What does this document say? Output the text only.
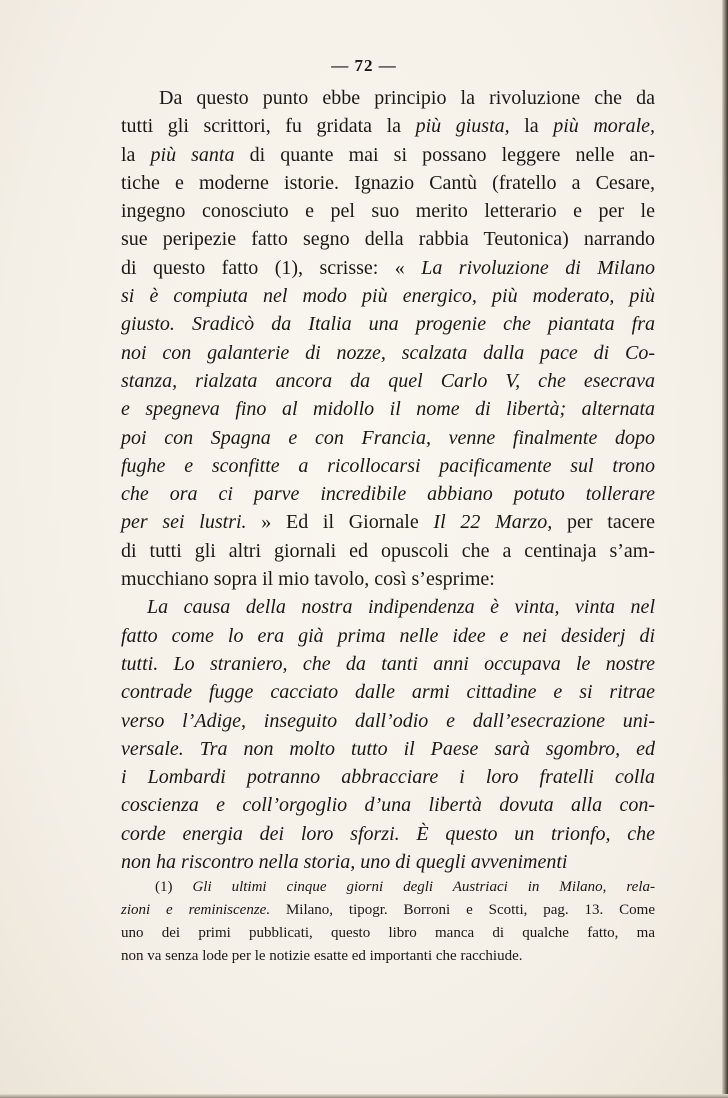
— 72 —
Da questo punto ebbe principio la rivoluzione che da
tutti gli scrittori, fu gridata la più giusta, la più morale,
la più santa di quante mai si possano leggere nelle an-
tiche e moderne istorie. Ignazio Cantù (fratello a Cesare,
ingegno conosciuto e pel suo merito letterario e per le
sue peripezie fatto segno della rabbia Teutonica) narrando
di questo fatto (1), scrisse: « La rivoluzione di Milano
si è compiuta nel modo più energico, più moderato, più
giusto. Sradicò da Italia una progenie che piantata fra
noi con galanterie di nozze, scalzata dalla pace di Co-
stanza, rialzata ancora da quel Carlo V, che esecrava
e spegneva fino al midollo il nome di libertà; alternata
poi con Spagna e con Francia, venne finalmente dopo
fughe e sconfitte a ricollocarsi pacificamente sul trono
che ora ci parve incredibile abbiano potuto tollerare
per sei lustri. » Ed il Giornale Il 22 Marzo, per tacere
di tutti gli altri giornali ed opuscoli che a centinaja s’am-
mucchiano sopra il mio tavolo, così s’esprime:
La causa della nostra indipendenza è vinta, vinta nel
fatto come lo era già prima nelle idee e nei desiderj di
tutti. Lo straniero, che da tanti anni occupava le nostre
contrade fugge cacciato dalle armi cittadine e si ritrae
verso l’Adige, inseguito dall’odio e dall’esecrazione uni-
versale. Tra non molto tutto il Paese sarà sgombro, ed
i Lombardi potranno abbracciare i loro fratelli colla
coscienza e coll’orgoglio d’una libertà dovuta alla con-
corde energia dei loro sforzi. È questo un trionfo, che
non ha riscontro nella storia, uno di quegli avvenimenti
(1) Gli ultimi cinque giorni degli Austriaci in Milano, rela-
zioni e reminiscenze. Milano, tipogr. Borroni e Scotti, pag. 13. Come
uno dei primi pubblicati, questo libro manca di qualche fatto, ma
non va senza lode per le notizie esatte ed importanti che racchiude.
